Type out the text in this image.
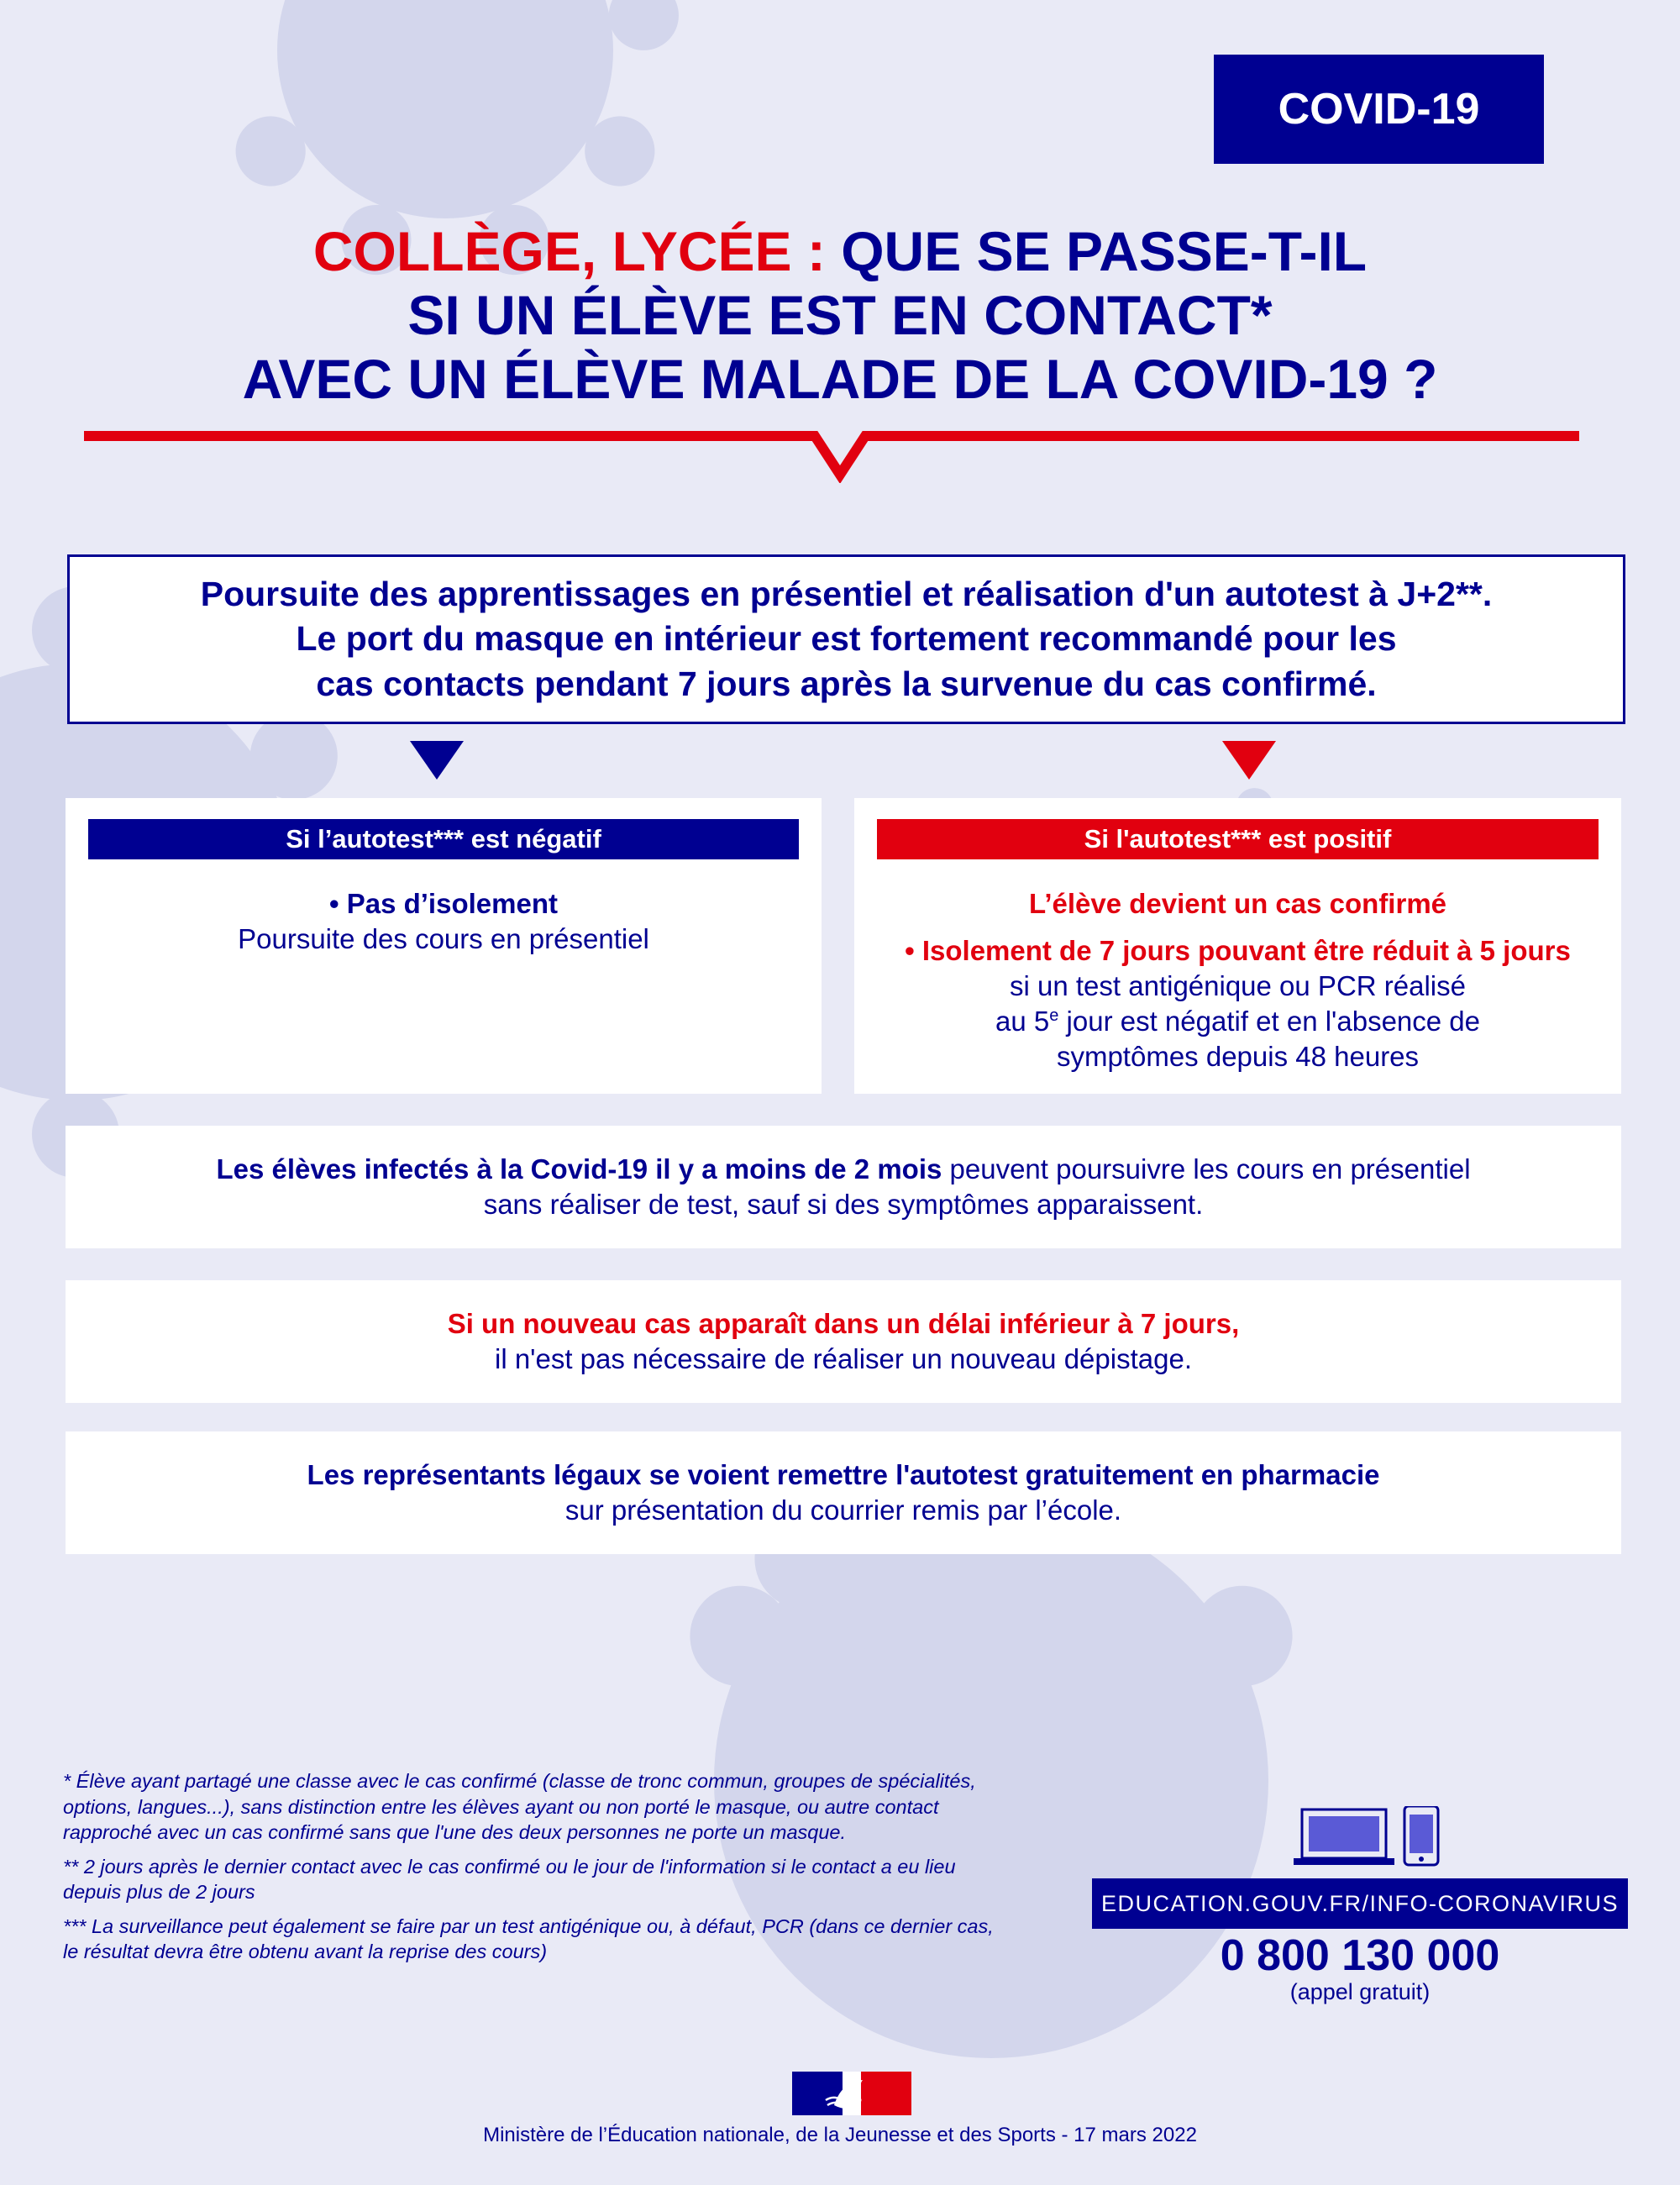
COVID-19
COLLÈGE, LYCÉE : QUE SE PASSE-T-IL
SI UN ÉLÈVE EST EN CONTACT*
AVEC UN ÉLÈVE MALADE DE LA COVID-19 ?
Poursuite des apprentissages en présentiel et réalisation d'un autotest à J+2**.
Le port du masque en intérieur est fortement recommandé pour les
cas contacts pendant 7 jours après la survenue du cas confirmé.
Si l’autotest*** est négatif
• Pas d’isolement
Poursuite des cours en présentiel
Si l'autotest*** est positif
L’élève devient un cas confirmé
• Isolement de 7 jours pouvant être réduit à 5 jours
si un test antigénique ou PCR réalisé
au 5e jour est négatif et en l'absence de
symptômes depuis 48 heures
Les élèves infectés à la Covid-19 il y a moins de 2 mois peuvent poursuivre les cours en présentiel
sans réaliser de test, sauf si des symptômes apparaissent.
Si un nouveau cas apparaît dans un délai inférieur à 7 jours,
il n'est pas nécessaire de réaliser un nouveau dépistage.
Les représentants légaux se voient remettre l'autotest gratuitement en pharmacie
sur présentation du courrier remis par l’école.

* Élève ayant partagé une classe avec le cas confirmé (classe de tronc commun, groupes de spécialités, options, langues...), sans distinction entre les élèves ayant ou non porté le masque, ou autre contact rapproché avec un cas confirmé sans que l'une des deux personnes ne porte un masque.

** 2 jours après le dernier contact avec le cas confirmé ou le jour de l'information si le contact a eu lieu depuis plus de 2 jours

*** La surveillance peut également se faire par un test antigénique ou, à défaut, PCR (dans ce dernier cas, le résultat devra être obtenu avant la reprise des cours)

EDUCATION.GOUV.FR/INFO-CORONAVIRUS
0 800 130 000
(appel gratuit)
Ministère de l’Éducation nationale, de la Jeunesse et des Sports - 17 mars 2022
